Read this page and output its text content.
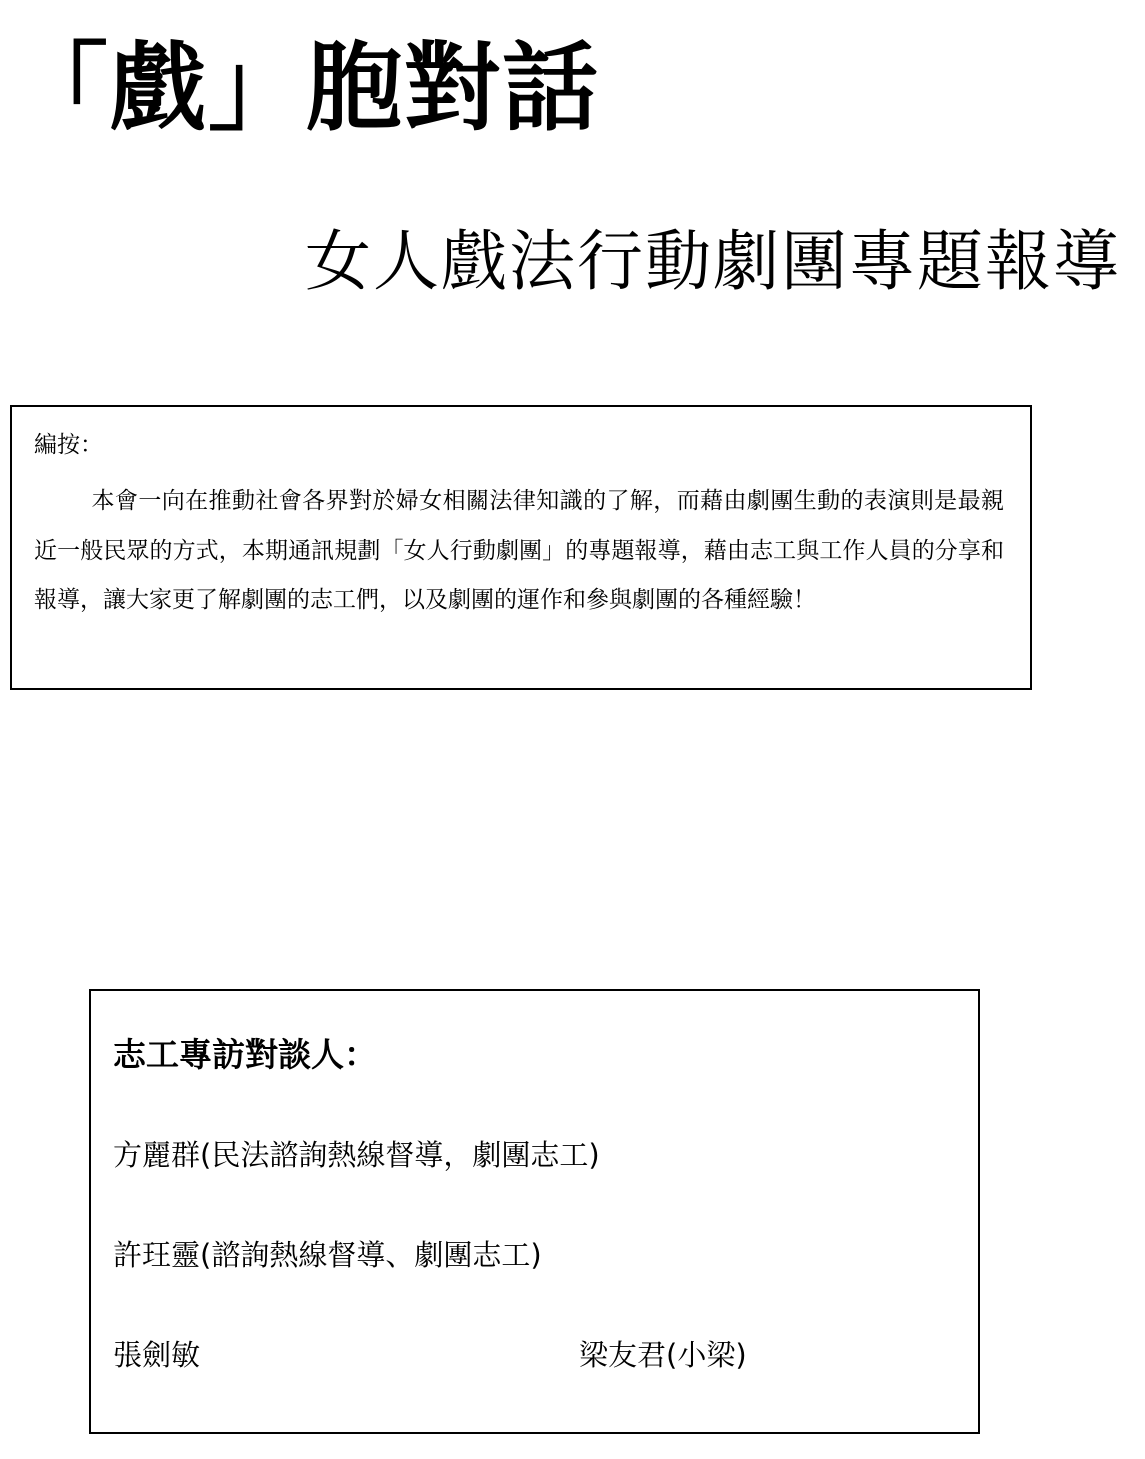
「戲」胞對話
女人戲法行動劇團專題報導
編按：
本會一向在推動社會各界對於婦女相關法律知識的了解，而藉由劇團生動的表演則是最親近一般民眾的方式，本期通訊規劃「女人行動劇團」的專題報導，藉由志工與工作人員的分享和報導，讓大家更了解劇團的志工們，以及劇團的運作和參與劇團的各種經驗！
志工專訪對談人：
方麗群(民法諮詢熱線督導，劇團志工)
許玨靈(諮詢熱線督導、劇團志工)
張劍敏	梁友君(小梁)
